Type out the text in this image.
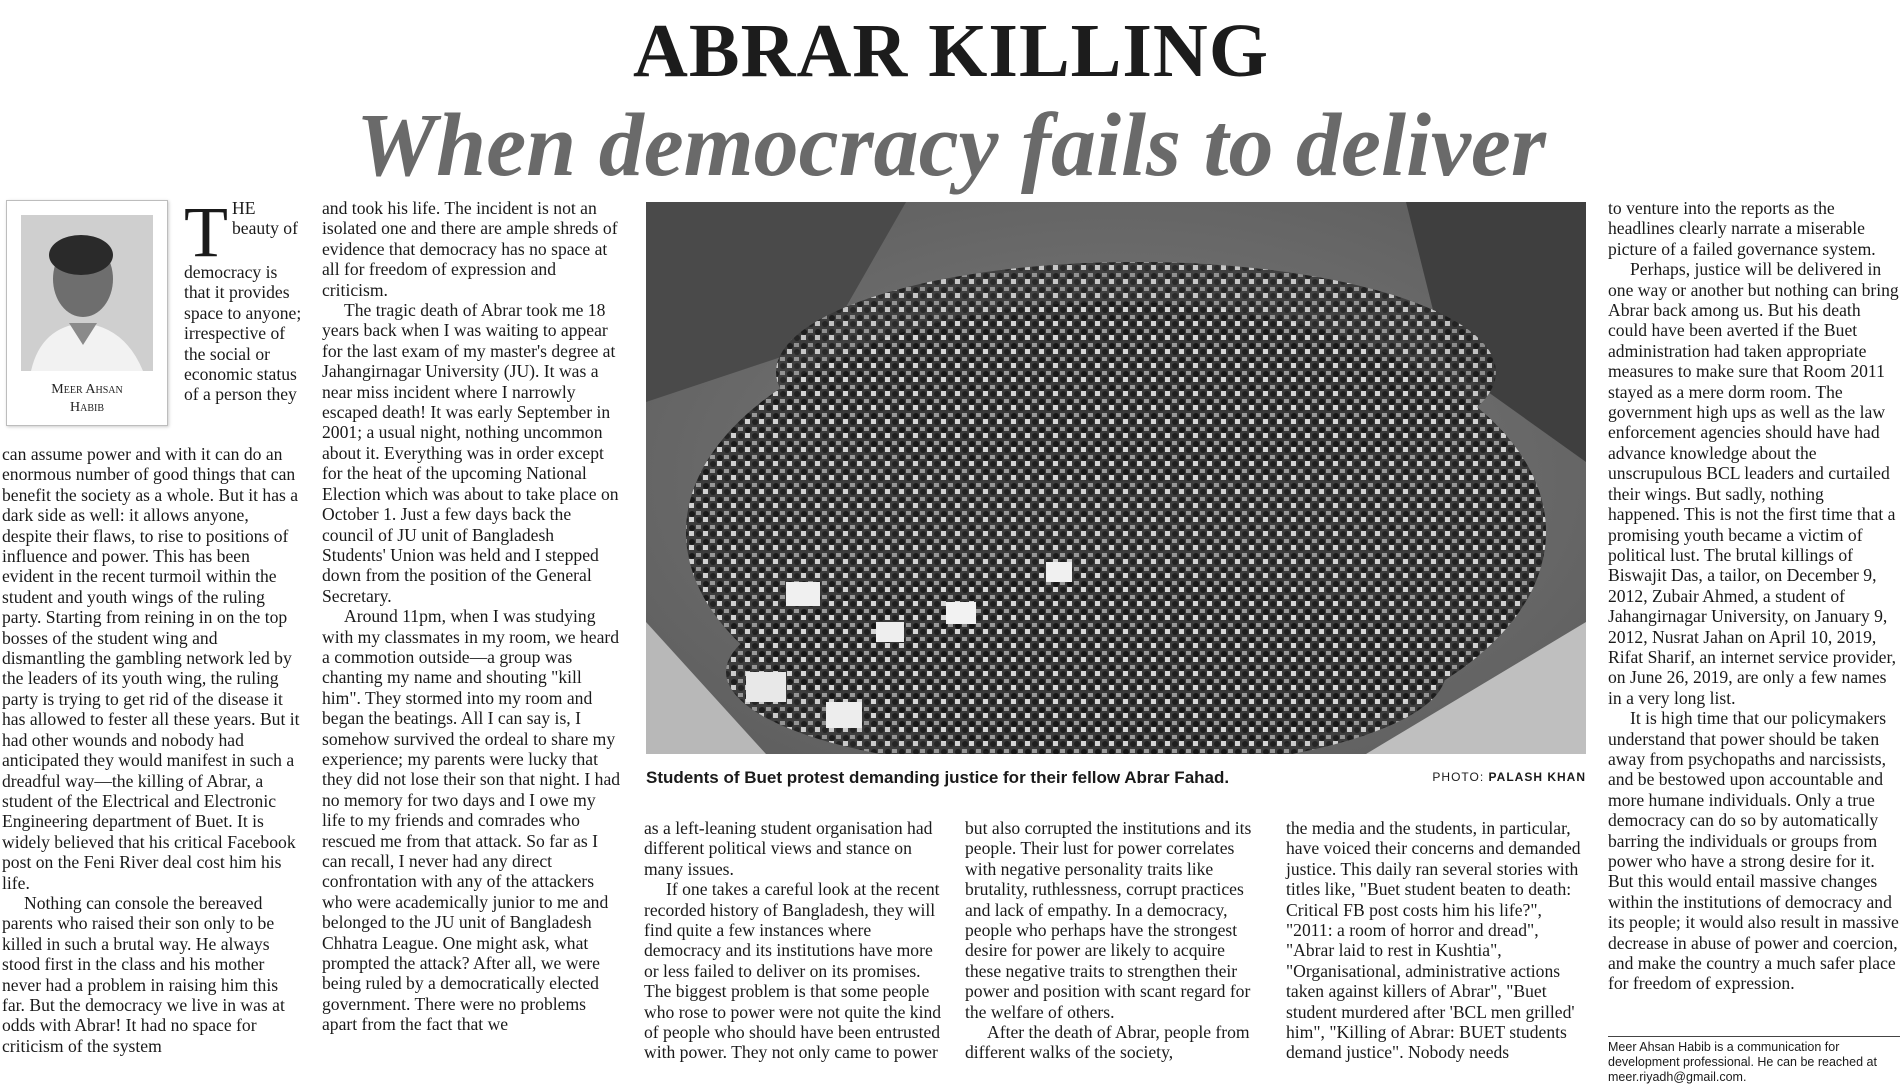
ABRAR KILLING
When democracy fails to deliver
Meer Ahsan
Habib
T HE beauty of democracy is that it provides space to anyone; irrespective of the social or economic status of a person they

can assume power and with it can do an enormous number of good things that can benefit the society as a whole. But it has a dark side as well: it allows anyone, despite their flaws, to rise to positions of influence and power. This has been evident in the recent turmoil within the student and youth wings of the ruling party. Starting from reining in on the top bosses of the student wing and dismantling the gambling network led by the leaders of its youth wing, the ruling party is trying to get rid of the disease it has allowed to fester all these years. But it had other wounds and nobody had anticipated they would manifest in such a dreadful way—the killing of Abrar, a student of the Electrical and Electronic Engineering department of Buet. It is widely believed that his critical Facebook post on the Feni River deal cost him his life.

Nothing can console the bereaved parents who raised their son only to be killed in such a brutal way. He always stood first in the class and his mother never had a problem in raising him this far. But the democracy we live in was at odds with Abrar! It had no space for criticism of the system

and took his life. The incident is not an isolated one and there are ample shreds of evidence that democracy has no space at all for freedom of expression and criticism.

The tragic death of Abrar took me 18 years back when I was waiting to appear for the last exam of my master's degree at Jahangirnagar University (JU). It was a near miss incident where I narrowly escaped death! It was early September in 2001; a usual night, nothing uncommon about it. Everything was in order except for the heat of the upcoming National Election which was about to take place on October 1. Just a few days back the council of JU unit of Bangladesh Students' Union was held and I stepped down from the position of the General Secretary.

Around 11pm, when I was studying with my classmates in my room, we heard a commotion outside—a group was chanting my name and shouting "kill him". They stormed into my room and began the beatings. All I can say is, I somehow survived the ordeal to share my experience; my parents were lucky that they did not lose their son that night. I had no memory for two days and I owe my life to my friends and comrades who rescued me from that attack. So far as I can recall, I never had any direct confrontation with any of the attackers who were academically junior to me and belonged to the JU unit of Bangladesh Chhatra League. One might ask, what prompted the attack? After all, we were being ruled by a democratically elected government. There were no problems apart from the fact that we

Students of Buet protest demanding justice for their fellow Abrar Fahad.	PHOTO: PALASH KHAN

as a left-leaning student organisation had different political views and stance on many issues.

If one takes a careful look at the recent recorded history of Bangladesh, they will find quite a few instances where democracy and its institutions have more or less failed to deliver on its promises. The biggest problem is that some people who rose to power were not quite the kind of people who should have been entrusted with power. They not only came to power

but also corrupted the institutions and its people. Their lust for power correlates with negative personality traits like brutality, ruthlessness, corrupt practices and lack of empathy. In a democracy, people who perhaps have the strongest desire for power are likely to acquire these negative traits to strengthen their power and position with scant regard for the welfare of others.

After the death of Abrar, people from different walks of the society,

the media and the students, in particular, have voiced their concerns and demanded justice. This daily ran several stories with titles like, "Buet student beaten to death: Critical FB post costs him his life?", "2011: a room of horror and dread", "Abrar laid to rest in Kushtia", "Organisational, administrative actions taken against killers of Abrar", "Buet student murdered after 'BCL men grilled' him", "Killing of Abrar: BUET students demand justice". Nobody needs

to venture into the reports as the headlines clearly narrate a miserable picture of a failed governance system.

Perhaps, justice will be delivered in one way or another but nothing can bring Abrar back among us. But his death could have been averted if the Buet administration had taken appropriate measures to make sure that Room 2011 stayed as a mere dorm room. The government high ups as well as the law enforcement agencies should have had advance knowledge about the unscrupulous BCL leaders and curtailed their wings. But sadly, nothing happened. This is not the first time that a promising youth became a victim of political lust. The brutal killings of Biswajit Das, a tailor, on December 9, 2012, Zubair Ahmed, a student of Jahangirnagar University, on January 9, 2012, Nusrat Jahan on April 10, 2019, Rifat Sharif, an internet service provider, on June 26, 2019, are only a few names in a very long list.

It is high time that our policymakers understand that power should be taken away from psychopaths and narcissists, and be bestowed upon accountable and more humane individuals. Only a true democracy can do so by automatically barring the individuals or groups from power who have a strong desire for it. But this would entail massive changes within the institutions of democracy and its people; it would also result in massive decrease in abuse of power and coercion, and make the country a much safer place for freedom of expression.

Meer Ahsan Habib is a communication for development professional. He can be reached at meer.riyadh@gmail.com.
